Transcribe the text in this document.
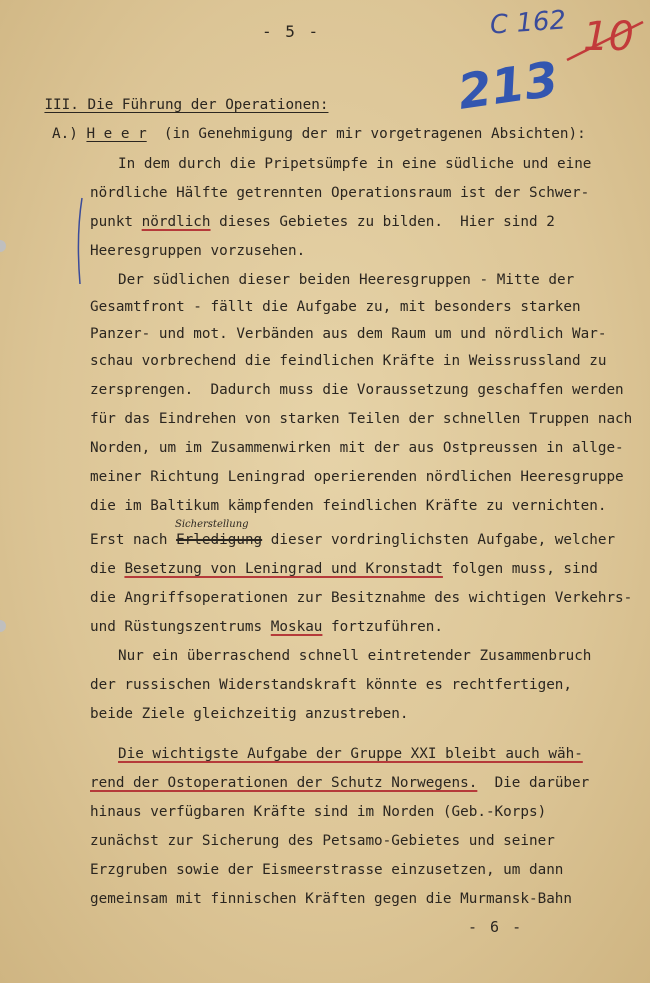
- 5 -	C 162 10
213

III. Die Führung der Operationen:

A.) H e e r (in Genehmigung der mir vorgetragenen Absichten):
In dem durch die Pripetsümpfe in eine südliche und eine
nördliche Hälfte getrennten Operationsraum ist der Schwer-
punkt nördlich dieses Gebietes zu bilden.  Hier sind 2
Heeresgruppen vorzusehen.
Der südlichen dieser beiden Heeresgruppen - Mitte der
Gesamtfront - fällt die Aufgabe zu, mit besonders starken
Panzer- und mot. Verbänden aus dem Raum um und nördlich War-
schau vorbrechend die feindlichen Kräfte in Weissrussland zu
zersprengen.  Dadurch muss die Voraussetzung geschaffen werden
für das Eindrehen von starken Teilen der schnellen Truppen nach
Norden, um im Zusammenwirken mit der aus Ostpreussen in allge-
meiner Richtung Leningrad operierenden nördlichen Heeresgruppe
die im Baltikum kämpfenden feindlichen Kräfte zu vernichten.
Sicherstellung
Erst nach Erledigung dieser vordringlichsten Aufgabe, welcher
die Besetzung von Leningrad und Kronstadt folgen muss, sind
die Angriffsoperationen zur Besitznahme des wichtigen Verkehrs-
und Rüstungszentrums Moskau fortzuführen.
Nur ein überraschend schnell eintretender Zusammenbruch
der russischen Widerstandskraft könnte es rechtfertigen,
beide Ziele gleichzeitig anzustreben.
Die wichtigste Aufgabe der Gruppe XXI bleibt auch wäh-
rend der Ostoperationen der Schutz Norwegens. Die darüber
hinaus verfügbaren Kräfte sind im Norden (Geb.-Korps)
zunächst zur Sicherung des Petsamo-Gebietes und seiner
Erzgruben sowie der Eismeerstrasse einzusetzen, um dann
gemeinsam mit finnischen Kräften gegen die Murmansk-Bahn
- 6 -
